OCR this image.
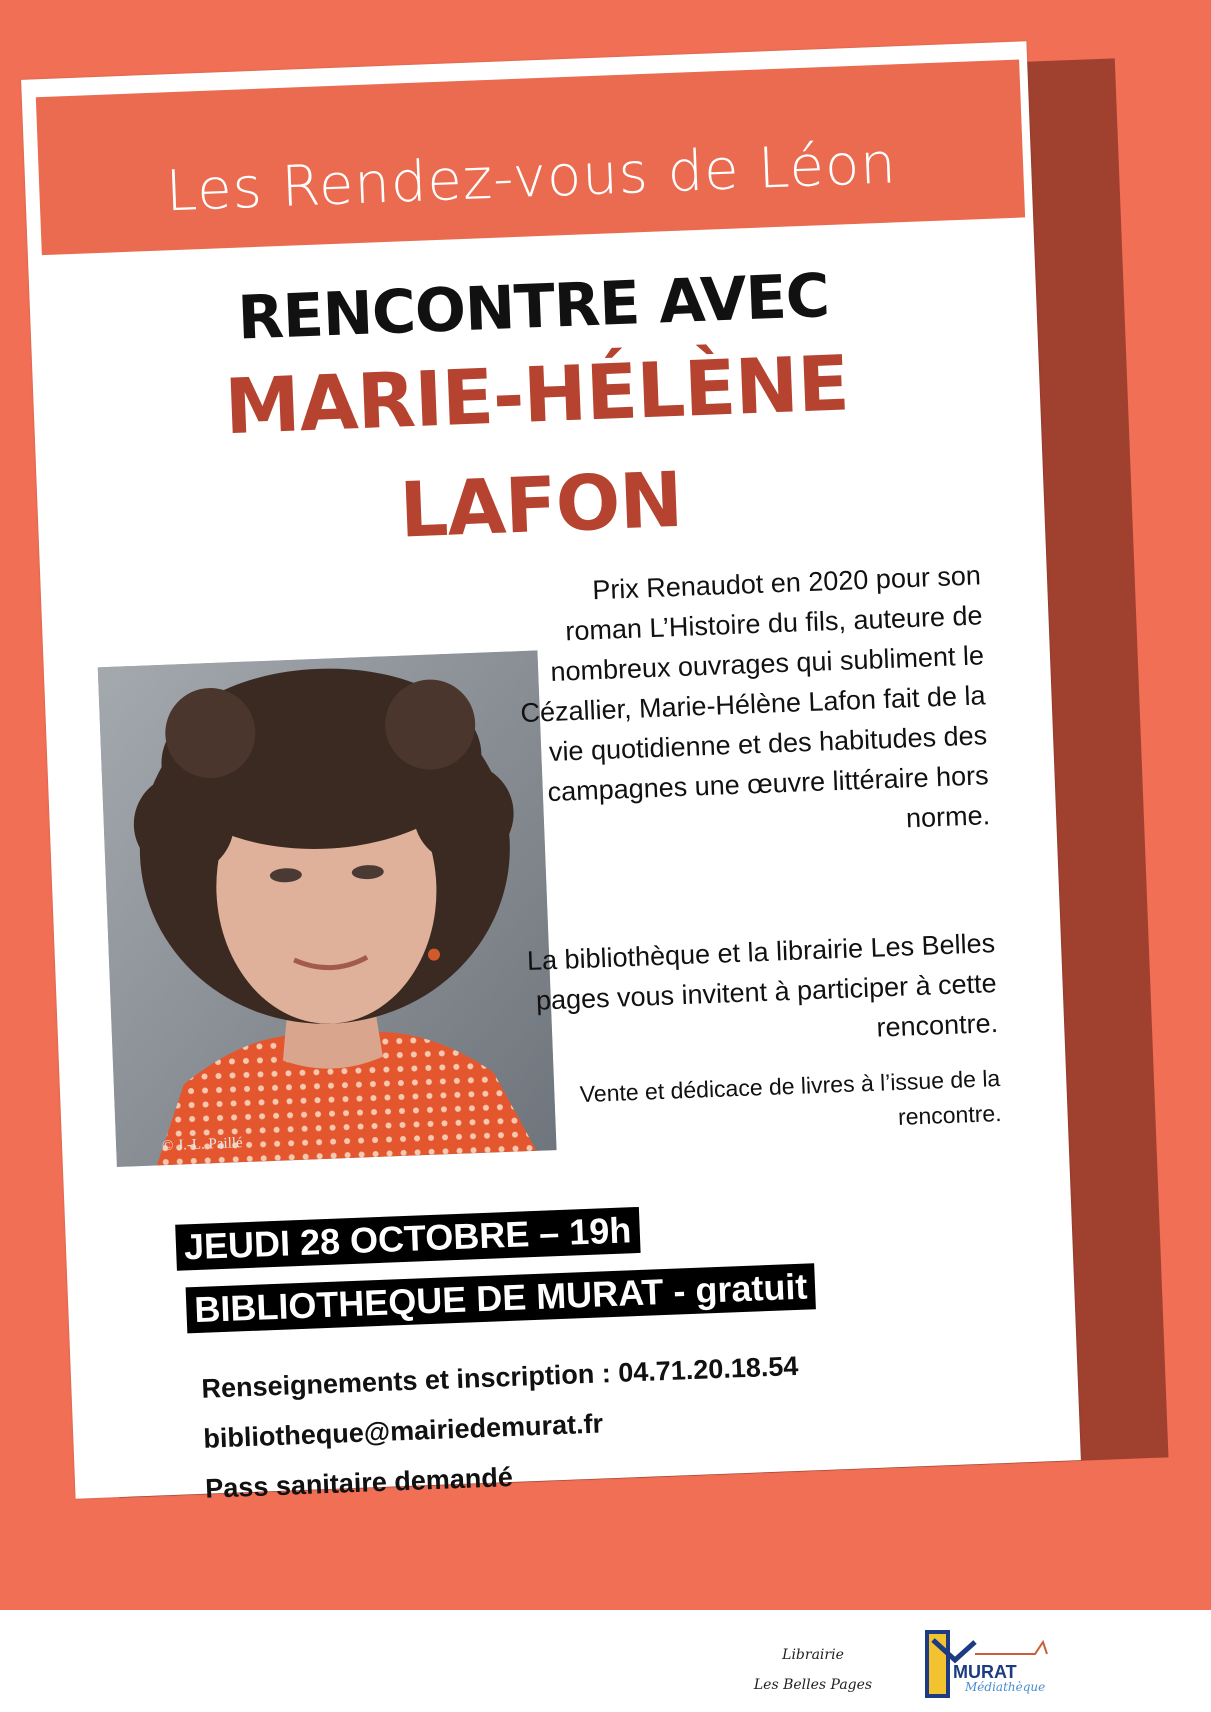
Les Rendez-vous de Léon
RENCONTRE AVEC
MARIE-HÉLÈNE
LAFON
© J.-L. Paillé
Prix Renaudot en 2020 pour son roman L’Histoire du fils, auteure de nombreux ouvrages qui subliment le Cézallier, Marie-Hélène Lafon fait de la vie quotidienne et des habitudes des campagnes une œuvre littéraire hors norme.
La bibliothèque et la librairie Les Belles pages vous invitent à participer à cette rencontre.
Vente et dédicace de livres à l’issue de la rencontre.
JEUDI 28 OCTOBRE – 19h
BIBLIOTHEQUE DE MURAT - gratuit
Renseignements et inscription : 04.71.20.18.54
bibliotheque@mairiedemurat.fr
Pass sanitaire demandé
Librairie
Les Belles Pages
MURAT
Médiathèque
